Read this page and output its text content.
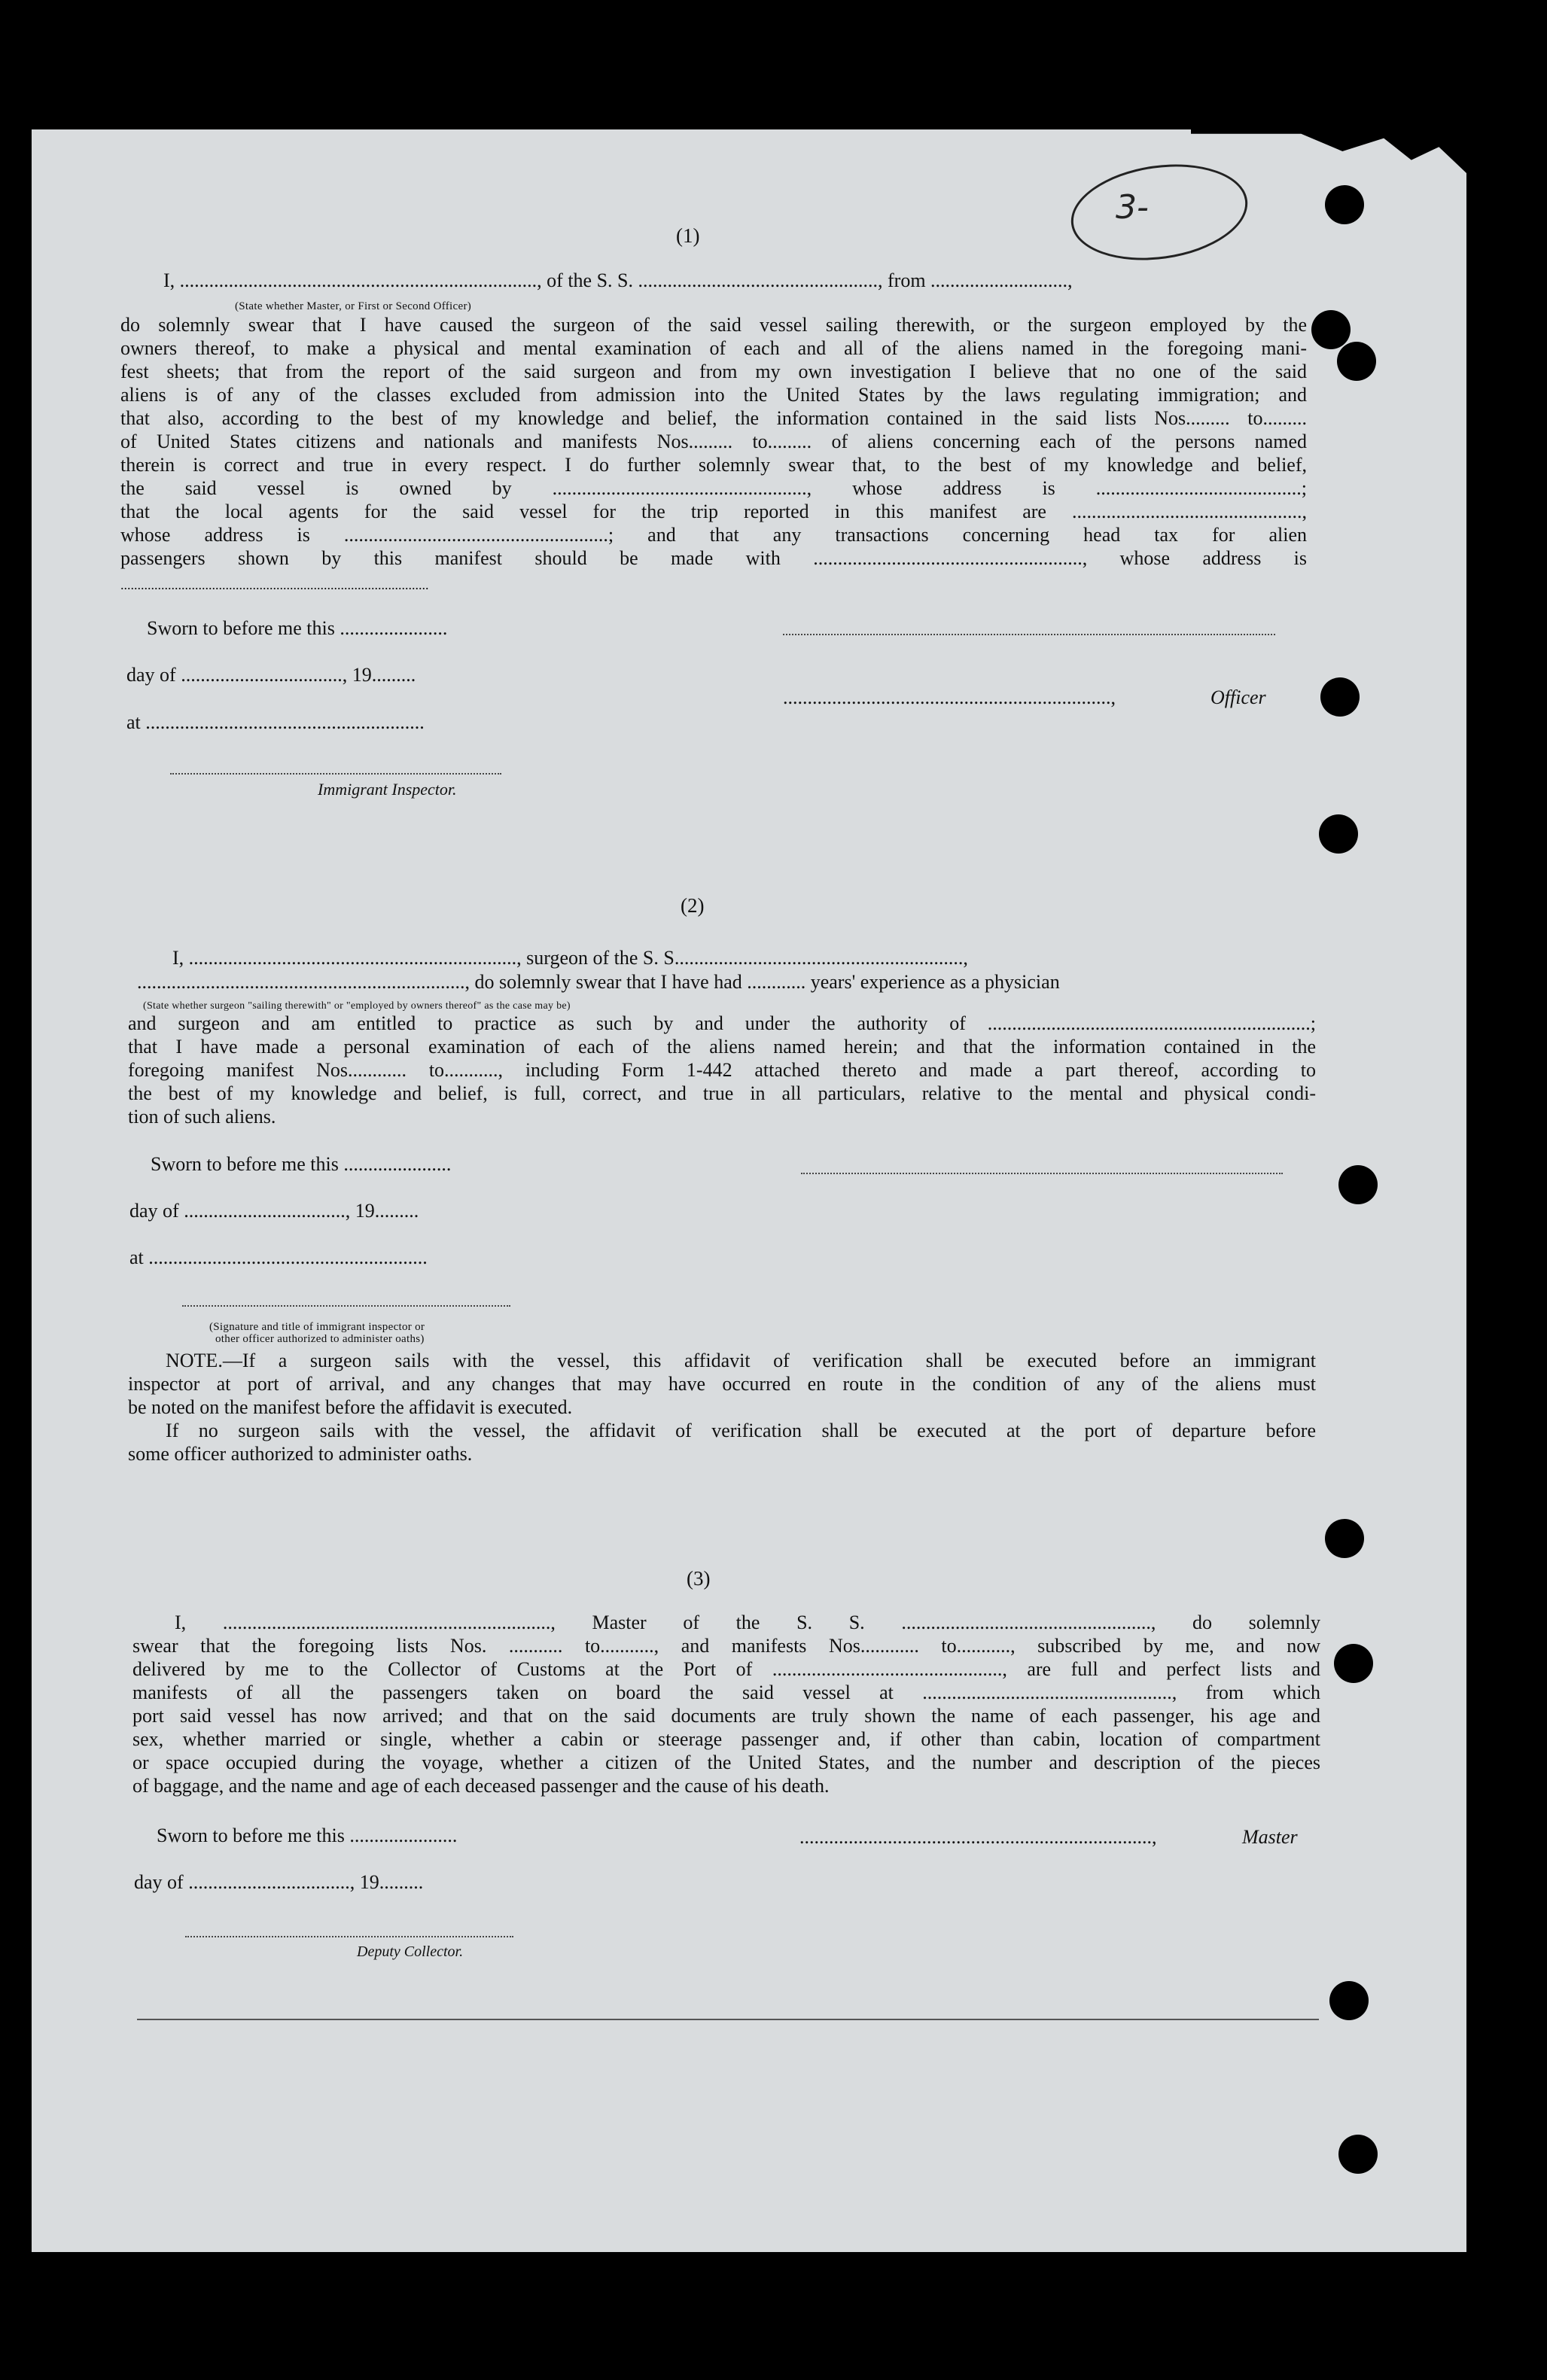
3-
(1)
I, ........................................................................., of the S. S. ................................................., from ............................,
(State whether Master, or First or Second Officer)
do solemnly swear that I have caused the surgeon of the said vessel sailing therewith, or the surgeon employed by the
owners thereof, to make a physical and mental examination of each and all of the aliens named in the foregoing mani-
fest sheets; that from the report of the said surgeon and from my own investigation I believe that no one of the said
aliens is of any of the classes excluded from admission into the United States by the laws regulating immigration; and
that also, according to the best of my knowledge and belief, the information contained in the said lists Nos......... to.........
of United States citizens and nationals and manifests Nos......... to......... of aliens concerning each of the persons named
therein is correct and true in every respect. I do further solemnly swear that, to the best of my knowledge and belief,
the said vessel is owned by ...................................................., whose address is ..........................................;
that the local agents for the said vessel for the trip reported in this manifest are ...............................................,
whose address is ......................................................; and that any transactions concerning head tax for alien
passengers shown by this manifest should be made with ......................................................., whose address is
...........................................................................................
Sworn to before me this ......................
day of ................................., 19.........
at .........................................................
Immigrant Inspector.
...................................................................,	Officer
(2)
I, ..................................................................., surgeon of the S. S...........................................................,
..................................................................., do solemnly swear that I have had ............ years' experience as a physician
(State whether surgeon "sailing therewith" or "employed by owners thereof" as the case may be)
and surgeon and am entitled to practice as such by and under the authority of ..................................................................;
that I have made a personal examination of each of the aliens named herein; and that the information contained in the
foregoing manifest Nos............ to..........., including Form 1-442 attached thereto and made a part thereof, according to
the best of my knowledge and belief, is full, correct, and true in all particulars, relative to the mental and physical condi-
tion of such aliens.
Sworn to before me this ......................
day of ................................., 19.........
at .........................................................
(Signature and title of immigrant inspector or
other officer authorized to administer oaths)
NOTE.—If a surgeon sails with the vessel, this affidavit of verification shall be executed before an immigrant
inspector at port of arrival, and any changes that may have occurred en route in the condition of any of the aliens must
be noted on the manifest before the affidavit is executed.
If no surgeon sails with the vessel, the affidavit of verification shall be executed at the port of departure before
some officer authorized to administer oaths.
(3)
I, ..................................................................., Master of the S. S. ..................................................., do solemnly
swear that the foregoing lists Nos. ........... to..........., and manifests Nos............ to..........., subscribed by me, and now
delivered by me to the Collector of Customs at the Port of ..............................................., are full and perfect lists and
manifests of all the passengers taken on board the said vessel at ..................................................., from which
port said vessel has now arrived; and that on the said documents are truly shown the name of each passenger, his age and
sex, whether married or single, whether a cabin or steerage passenger and, if other than cabin, location of compartment
or space occupied during the voyage, whether a citizen of the United States, and the number and description of the pieces
of baggage, and the name and age of each deceased passenger and the cause of his death.
Sworn to before me this ......................
day of ................................., 19.........
Deputy Collector.
........................................................................,	Master
